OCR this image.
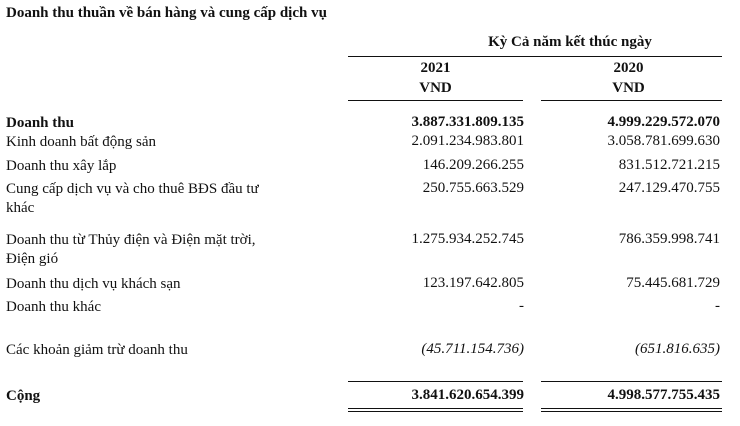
Doanh thu thuần về bán hàng và cung cấp dịch vụ
Kỳ Cả năm kết thúc ngày
2021
VND
2020
VND
Doanh thu	3.887.331.809.135	4.999.229.572.070
Kinh doanh bất động sản	2.091.234.983.801	3.058.781.699.630
Doanh thu xây lắp	146.209.266.255	831.512.721.215
Cung cấp dịch vụ và cho thuê BĐS đầu tư
khác
250.755.663.529	247.129.470.755
Doanh thu từ Thủy điện và Điện mặt trời,
Điện gió
1.275.934.252.745	786.359.998.741
Doanh thu dịch vụ khách sạn	123.197.642.805	75.445.681.729
Doanh thu khác	-	-
Các khoản giảm trừ doanh thu	(45.711.154.736)	(651.816.635)
Cộng	3.841.620.654.399	4.998.577.755.435
